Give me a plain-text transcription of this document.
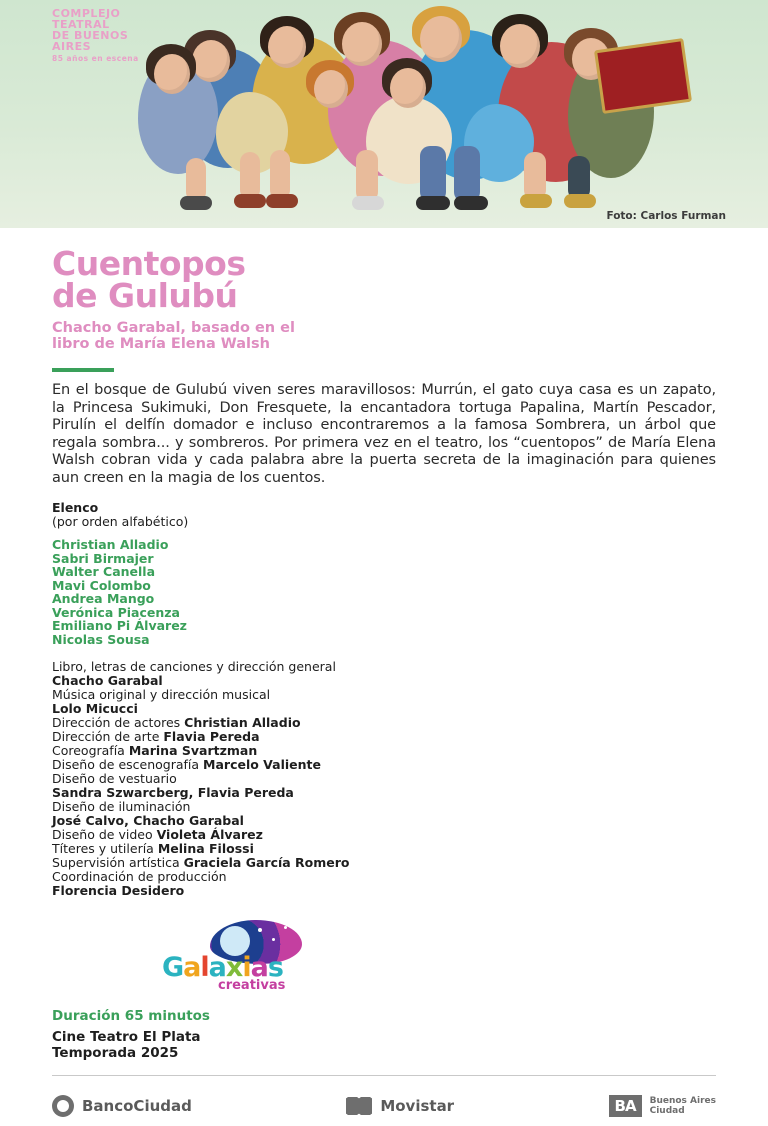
COMPLEJO
TEATRAL
DE BUENOS
AIRES
85 años en escena
Foto: Carlos Furman
Cuentopos
de Gulubú
Chacho Garabal, basado en el
libro de María Elena Walsh

En el bosque de Gulubú viven seres maravillosos: Murrún, el gato cuya casa es un zapato, la Princesa Sukimuki, Don Fresquete, la encantadora tortuga Papalina, Martín Pescador, Pirulín el delfín domador e incluso encontraremos a la famosa Sombrera, un árbol que regala sombra... y sombreros. Por primera vez en el teatro, los “cuentopos” de María Elena Walsh cobran vida y cada palabra abre la puerta secreta de la imaginación para quienes aun creen en la magia de los cuentos.

Elenco
(por orden alfabético)
Christian Alladio
Sabri Birmajer
Walter Canella
Mavi Colombo
Andrea Mango
Verónica Piacenza
Emiliano Pi Álvarez
Nicolas Sousa
Libro, letras de canciones y dirección general
Chacho Garabal
Música original y dirección musical
Lolo Micucci
Dirección de actores Christian Alladio
Dirección de arte Flavia Pereda
Coreografía Marina Svartzman
Diseño de escenografía Marcelo Valiente
Diseño de vestuario
Sandra Szwarcberg, Flavia Pereda
Diseño de iluminación
José Calvo, Chacho Garabal
Diseño de video Violeta Álvarez
Títeres y utilería Melina Filossi
Supervisión artística Graciela García Romero
Coordinación de producción
Florencia Desidero
Galaxias
creativas
Duración 65 minutos
Cine Teatro El Plata
Temporada 2025
BancoCiudad	Movistar	BA	Buenos Aires
Ciudad
